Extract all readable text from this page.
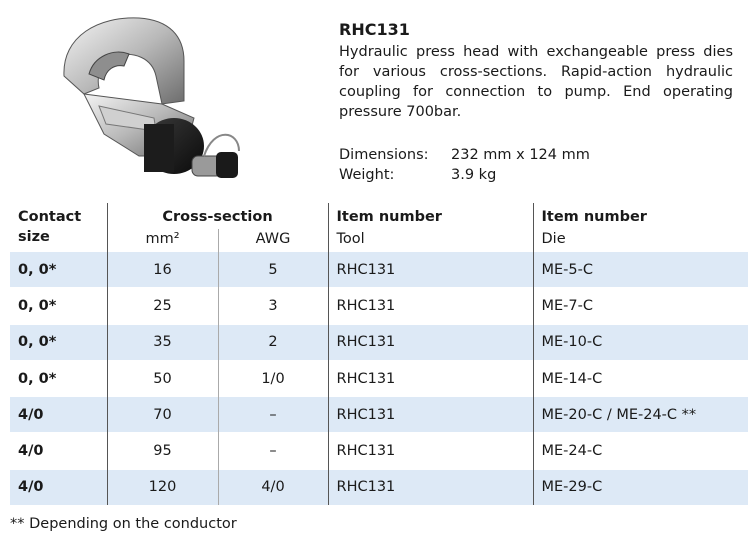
RHC131
Hydraulic press head with exchangeable press dies for various cross-sections. Rapid-action hydraulic coupling for connection to pump. End operating pressure 700bar.
Dimensions:	232 mm x 124 mm
Weight:	3.9 kg
Contact size	Cross-section		Item number	Item number
	mm²	AWG	Tool	Die
0, 0*	16	5	RHC131	ME-5-C
0, 0*	25	3	RHC131	ME-7-C
0, 0*	35	2	RHC131	ME-10-C
0, 0*	50	1/0	RHC131	ME-14-C
4/0	70	–	RHC131	ME-20-C / ME-24-C **
4/0	95	–	RHC131	ME-24-C
4/0	120	4/0	RHC131	ME-29-C
** Depending on the conductor
